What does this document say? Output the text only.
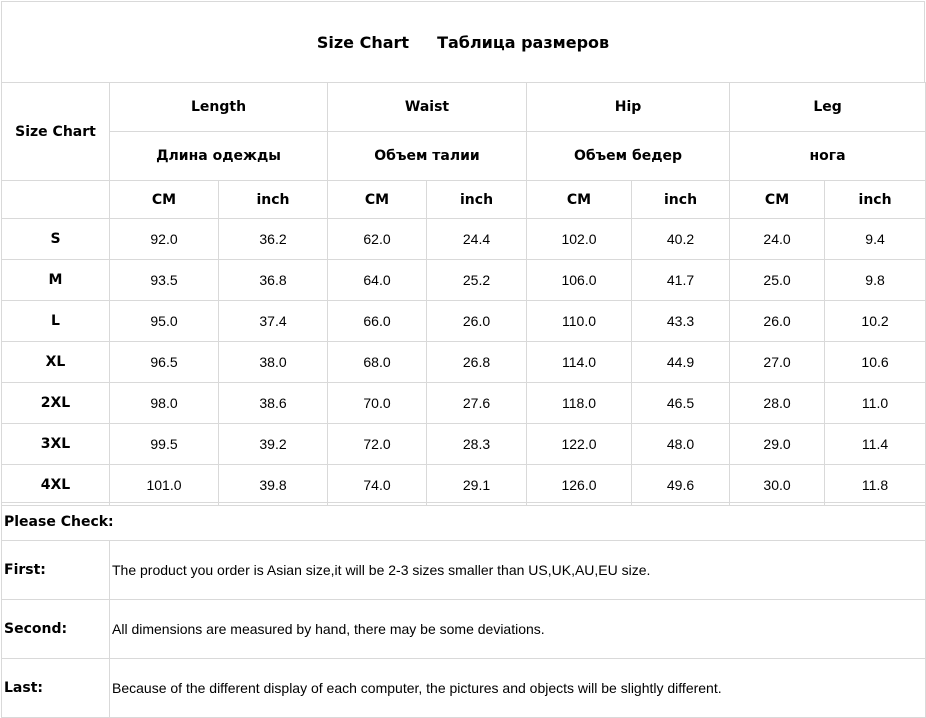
Size Chart Таблица размеров
Size Chart	Length		Waist		Hip		Leg	
	Длина одежды		Объем талии		Объем бедер		нога	
	CM	inch	CM	inch	CM	inch	CM	inch
S	92.0	36.2	62.0	24.4	102.0	40.2	24.0	9.4
M	93.5	36.8	64.0	25.2	106.0	41.7	25.0	9.8
L	95.0	37.4	66.0	26.0	110.0	43.3	26.0	10.2
XL	96.5	38.0	68.0	26.8	114.0	44.9	27.0	10.6
2XL	98.0	38.6	70.0	27.6	118.0	46.5	28.0	11.0
3XL	99.5	39.2	72.0	28.3	122.0	48.0	29.0	11.4
4XL	101.0	39.8	74.0	29.1	126.0	49.6	30.0	11.8
Please Check:	
First:	The product you order is Asian size,it will be 2-3 sizes smaller than US,UK,AU,EU size.
Second:	All dimensions are measured by hand, there may be some deviations.
Last:	Because of the different display of each computer, the pictures and objects will be slightly different.
